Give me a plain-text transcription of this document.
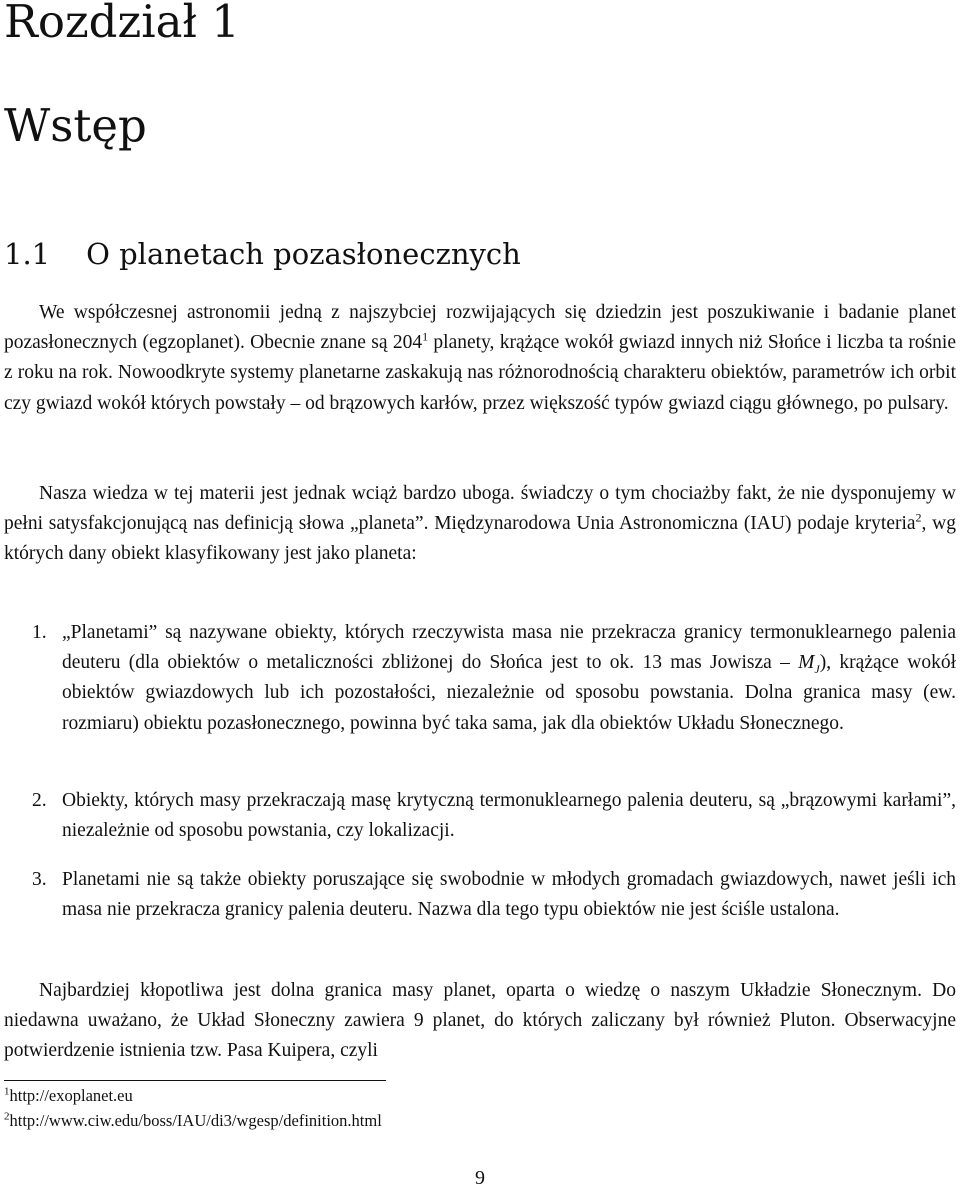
Rozdział 1
Wstęp
1.1 O planetach pozasłonecznych

We współczesnej astronomii jedną z najszybciej rozwijających się dziedzin jest poszukiwanie i badanie planet pozasłonecznych (egzoplanet). Obecnie znane są $204^1$ planety, krążące wokół gwiazd innych niż Słońce i liczba ta rośnie z roku na rok. Nowoodkryte systemy planetarne zaskakują nas różnorodnością charakteru obiektów, parametrów ich orbit czy gwiazd wokół których powstały – od brązowych karłów, przez większość typów gwiazd ciągu głównego, po pulsary.

Nasza wiedza w tej materii jest jednak wciąż bardzo uboga. świadczy o tym chociażby fakt, że nie dysponujemy w pełni satysfakcjonującą nas definicją słowa „planeta”. Międzynarodowa Unia Astronomiczna (IAU) podaje kryteria$^2$, wg których dany obiekt klasyfikowany jest jako planeta:

1. „Planetami” są nazywane obiekty, których rzeczywista masa nie przekracza granicy termonuklearnego palenia deuteru (dla obiektów o metaliczności zbliżonej do Słońca jest to ok. 13 mas Jowisza – $M_J$), krążące wokół obiektów gwiazdowych lub ich pozostałości, niezależnie od sposobu powstania. Dolna granica masy (ew. rozmiaru) obiektu pozasłonecznego, powinna być taka sama, jak dla obiektów Układu Słonecznego.
2. Obiekty, których masy przekraczają masę krytyczną termonuklearnego palenia deuteru, są „brązowymi karłami”, niezależnie od sposobu powstania, czy lokalizacji.
3. Planetami nie są także obiekty poruszające się swobodnie w młodych gromadach gwiazdowych, nawet jeśli ich masa nie przekracza granicy palenia deuteru. Nazwa dla tego typu obiektów nie jest ściśle ustalona.

Najbardziej kłopotliwa jest dolna granica masy planet, oparta o wiedzę o naszym Układzie Słonecznym. Do niedawna uważano, że Układ Słoneczny zawiera 9 planet, do których zaliczany był również Pluton. Obserwacyjne potwierdzenie istnienia tzw. Pasa Kuipera, czyli

$^1$http://exoplanet.eu

$^2$http://www.ciw.edu/boss/IAU/di3/wgesp/definition.html

9
